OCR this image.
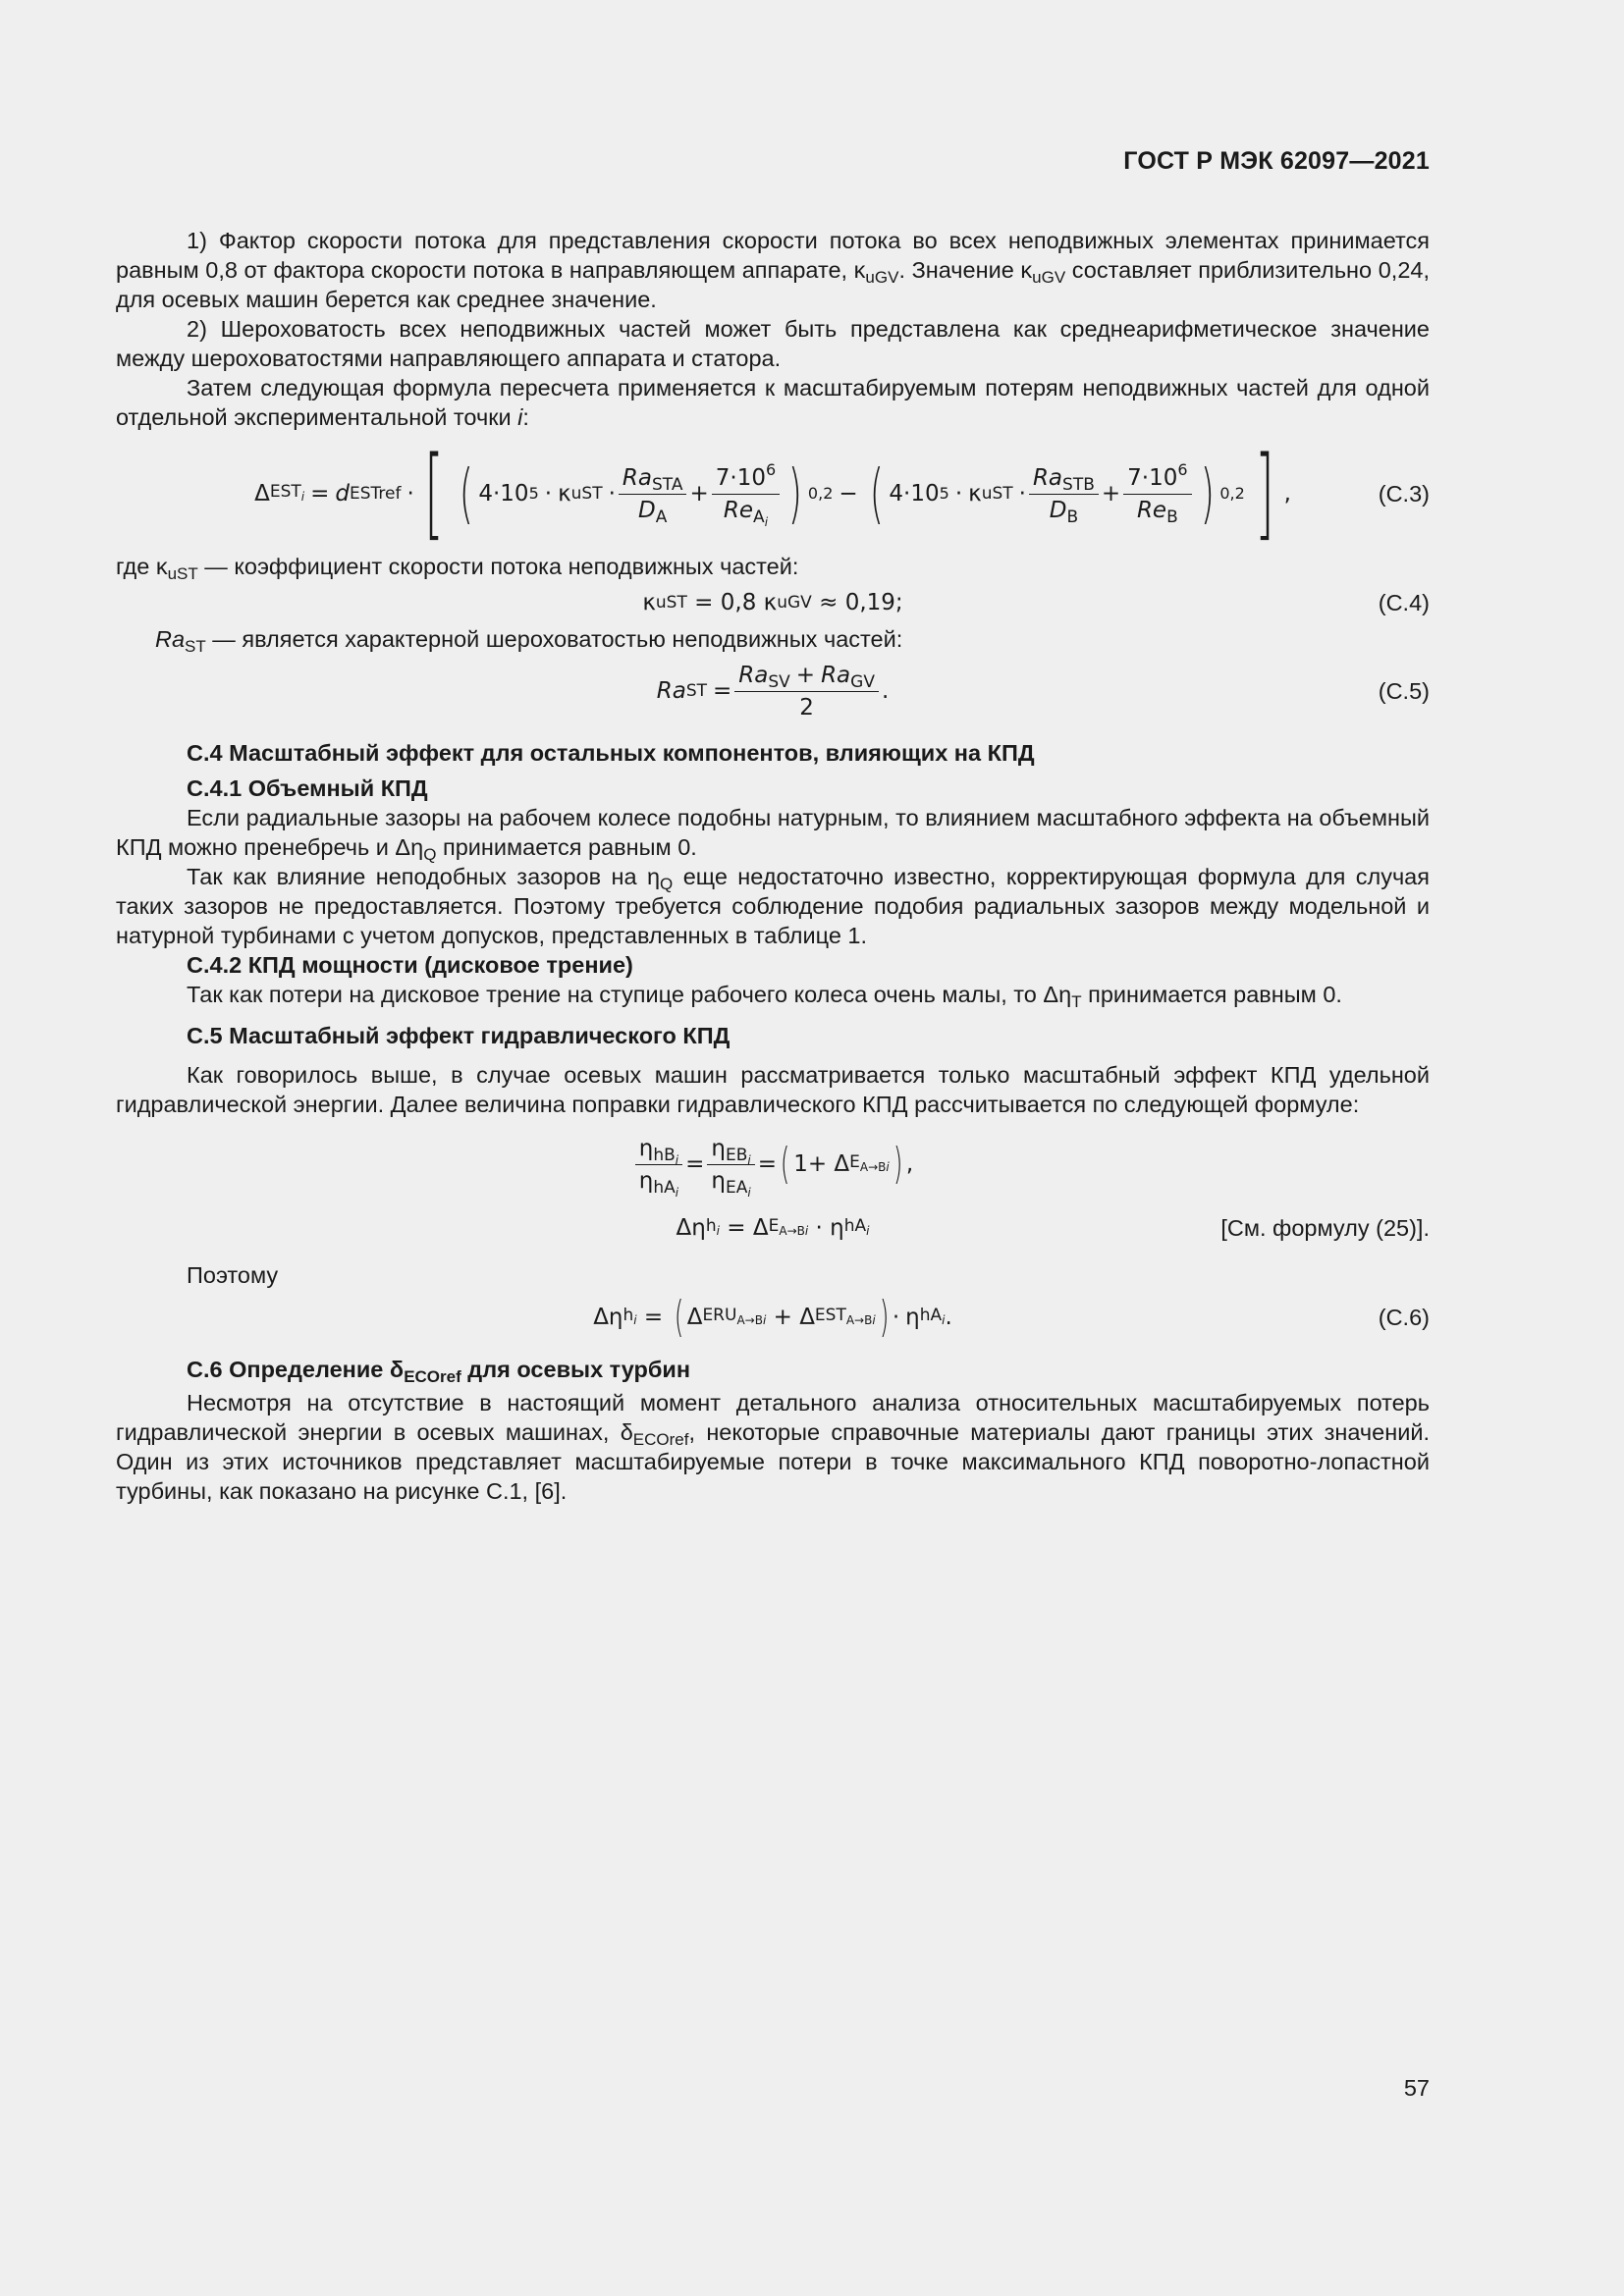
ГОСТ Р МЭК 62097—2021

1) Фактор скорости потока для представления скорости потока во всех неподвижных элементах принимается равным 0,8 от фактора скорости потока в направляющем аппарате, $\kappa_{uGV}$. Значение $\kappa_{uGV}$ составляет приблизительно 0,24, для осевых машин берется как среднее значение.

2) Шероховатость всех неподвижных частей может быть представлена как среднеарифметическое значение между шероховатостями направляющего аппарата и статора.

Затем следующая формула пересчета применяется к масштабируемым потерям неподвижных частей для одной отдельной экспериментальной точки i:

Δ $EST_i = d$ ESTref · [ ( 4·10 5 · κ uST · $\frac{Ra_{STA}}{D_A} + \frac{7\cdot 10^6}{Re_{A_i}}$ ) 0,2 − ( 4·10 5 · κ uST · $\frac{Ra_{STB}}{D_B} + \frac{7\cdot 10^6}{Re_B}$ ) 0,2 ] ,	(C.3)

где $\kappa_{uST}$ — коэффициент скорости потока неподвижных частей:

κ uST = 0,8 κ uGV ≈ 0,19;	(C.4)

$Ra_{ST}$ — является характерной шероховатостью неподвижных частей:

Ra ST = $\frac{Ra_{SV} + Ra_{GV}}{2}$ .	(C.5)

C.4 Масштабный эффект для остальных компонентов, влияющих на КПД

C.4.1 Объемный КПД

Если радиальные зазоры на рабочем колесе подобны натурным, то влиянием масштабного эффекта на объемный КПД можно пренебречь и $\Delta\eta_Q$ принимается равным 0.

Так как влияние неподобных зазоров на $\eta_Q$ еще недостаточно известно, корректирующая формула для случая таких зазоров не предоставляется. Поэтому требуется соблюдение подобия радиальных зазоров между модельной и натурной турбинами с учетом допусков, представленных в таблице 1.

C.4.2 КПД мощности (дисковое трение)

Так как потери на дисковое трение на ступице рабочего колеса очень малы, то $\Delta\eta_T$ принимается равным 0.

C.5 Масштабный эффект гидравлического КПД

Как говорилось выше, в случае осевых машин рассматривается только масштабный эффект КПД удельной гидравлической энергии. Далее величина поправки гидравлического КПД рассчитывается по следующей формуле:

$\frac{\eta_{hB_i}}{\eta_{hA_i}} = \frac{\eta_{EB_i}}{\eta_{EA_i}}$ = ( 1+ Δ $E_{A\to Bi}$ ) ,
Δη $h_i = \Delta$ $E_{A\to Bi} \cdot \eta$ $hA_i$	[См. формулу (25)].

Поэтому

Δη $h_i$ = ( Δ $ERU_{A\to Bi} + \Delta$ $EST_{A\to Bi}$ ) · η $hA_i$ .	(C.6)

C.6 Определение $\delta_{ECOref}$ для осевых турбин

Несмотря на отсутствие в настоящий момент детального анализа относительных масштабируемых потерь гидравлической энергии в осевых машинах, $\delta_{ECOref}$, некоторые справочные материалы дают границы этих значений. Один из этих источников представляет масштабируемые потери в точке максимального КПД поворотно-лопастной турбины, как показано на рисунке C.1, [6].

57
